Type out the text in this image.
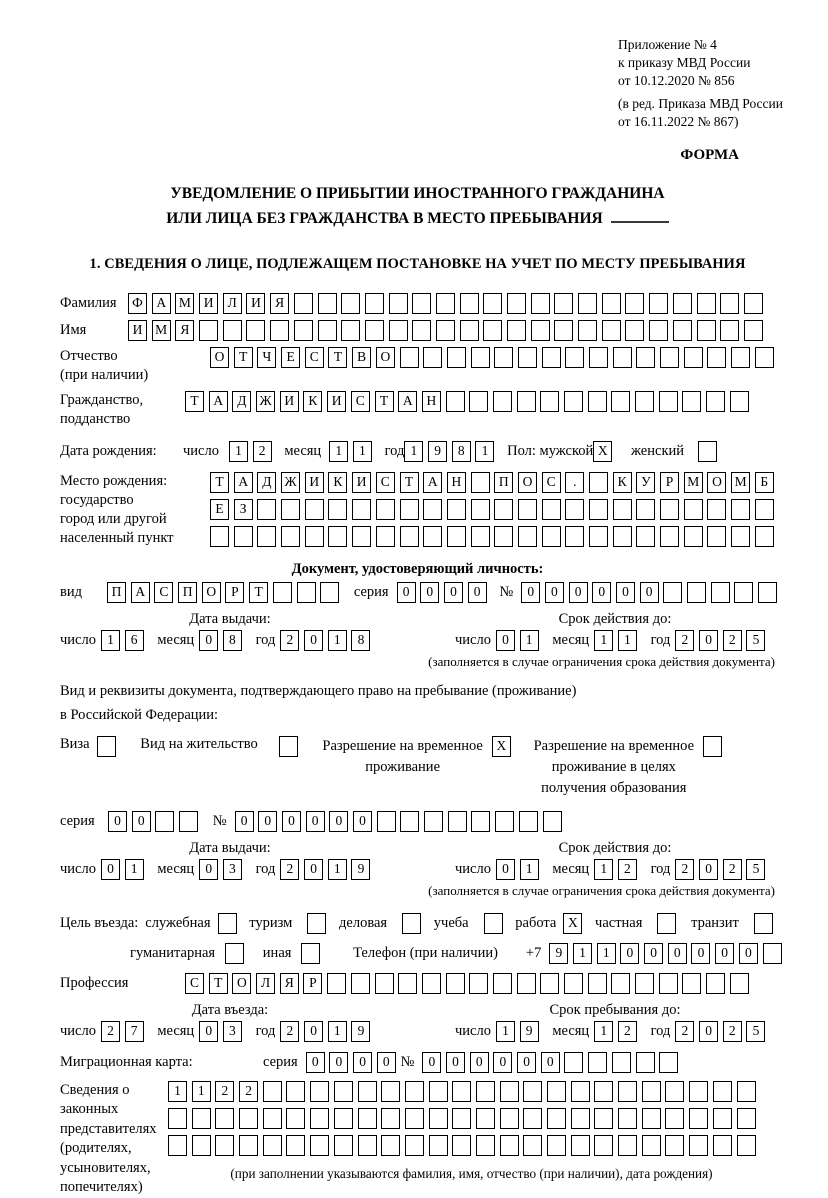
Приложение № 4
к приказу МВД России
от 10.12.2020 № 856
(в ред. Приказа МВД России
от 16.11.2022 № 867)
ФОРМА
УВЕДОМЛЕНИЕ О ПРИБЫТИИ ИНОСТРАННОГО ГРАЖДАНИНА
ИЛИ ЛИЦА БЕЗ ГРАЖДАНСТВА В МЕСТО ПРЕБЫВАНИЯ
1. СВЕДЕНИЯ О ЛИЦЕ, ПОДЛЕЖАЩЕМ ПОСТАНОВКЕ НА УЧЕТ ПО МЕСТУ ПРЕБЫВАНИЯ
Фамилия	Ф А М И	Л	И	Я
Имя	И М Я
Отчество
(при наличии)
О	Т	Ч	Е	С	Т	В	О
Гражданство,
подданство
Т	А	Д Ж И	К	И	С	Т	А	Н
Дата рождения:	число	1	2	месяц	1	1	год 1	9	8	1	Пол: мужской X	женский
Место рождения:
государство
город или другой
населенный пункт
Т	А	Д Ж И	К	И	С	Т	А	Н	П	О	С	.	К	У	Р	М О М	Б
Е	З
Документ, удостоверяющий личность:
вид	П	А	С	П	О	Р	Т	серия	0	0	0	0	№	0	0	0	0	0	0
Дата выдачи:	Срок действия до:
число 1	6	месяц 0	8	год 2	0	1	8	число 0	1	месяц 1	1	год 2	0	2	5
(заполняется в случае ограничения срока действия документа)
Вид и реквизиты документа, подтверждающего право на пребывание (проживание)
в Российской Федерации:
Виза	Вид на жительство	Разрешение на временное
проживание
X	Разрешение на временное
проживание в целях
получения образования
серия	0	0	№	0	0	0	0	0	0
Дата выдачи:	Срок действия до:
число 0	1	месяц 0	3	год 2	0	1	9	число 0	1	месяц 1	2	год 2	0	2	5
(заполняется в случае ограничения срока действия документа)
Цель въезда: служебная	туризм	деловая	учеба	работа X	частная	транзит
гуманитарная	иная	Телефон (при наличии) +7	9	1	1	0	0	0	0	0	0
Профессия	С	Т	О	Л	Я	Р
Дата въезда:	Срок пребывания до:
число 2	7	месяц 0	3	год 2	0	1	9	число 1	9	месяц 1	2	год 2	0	2	5
Миграционная карта:	серия	0	0	0	0 №	0	0	0	0	0	0
Сведения о
законных
представителях
(родителях,
усыновителях,
попечителях)
1	1	2	2
(при заполнении указываются фамилия, имя, отчество (при наличии), дата рождения)
